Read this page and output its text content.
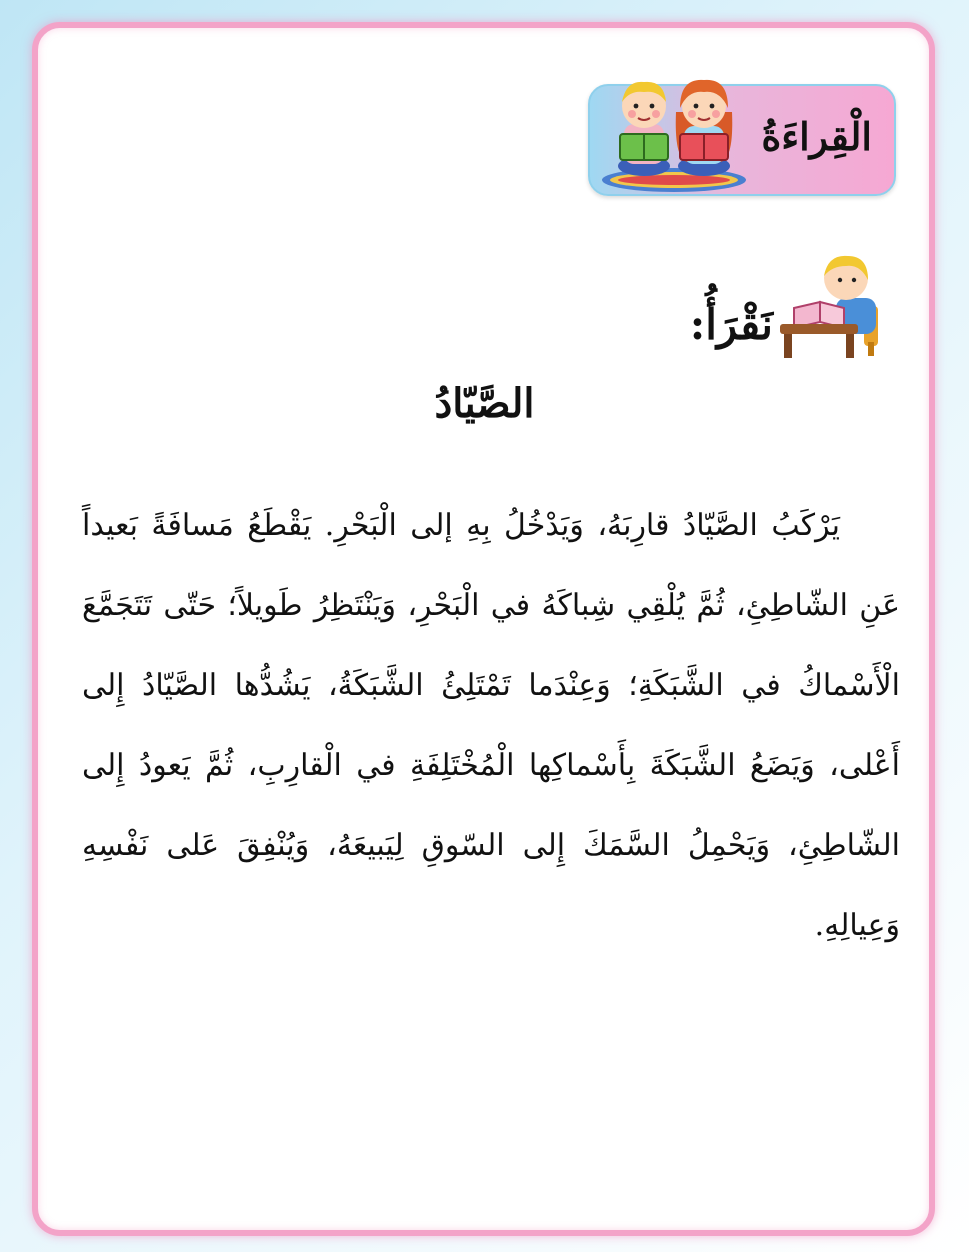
الْقِراءَةُ
نَقْرَأُ:
الصَّيّادُ

يَرْكَبُ الصَّيّادُ قارِبَهُ، وَيَدْخُلُ بِهِ إلى الْبَحْرِ. يَقْطَعُ مَسافَةً بَعيداً عَنِ الشّاطِئِ، ثُمَّ يُلْقِي شِباكَهُ في الْبَحْرِ، وَيَنْتَظِرُ طَويلاً؛ حَتّى تَتَجَمَّعَ الْأَسْماكُ في الشَّبَكَةِ؛ وَعِنْدَما تَمْتَلِئُ الشَّبَكَةُ، يَشُدُّها الصَّيّادُ إِلى أَعْلى، وَيَضَعُ الشَّبَكَةَ بِأَسْماكِها الْمُخْتَلِفَةِ في الْقارِبِ، ثُمَّ يَعودُ إِلى الشّاطِئِ، وَيَحْمِلُ السَّمَكَ إِلى السّوقِ لِيَبيعَهُ، وَيُنْفِقَ عَلى نَفْسِهِ وَعِيالِهِ.
